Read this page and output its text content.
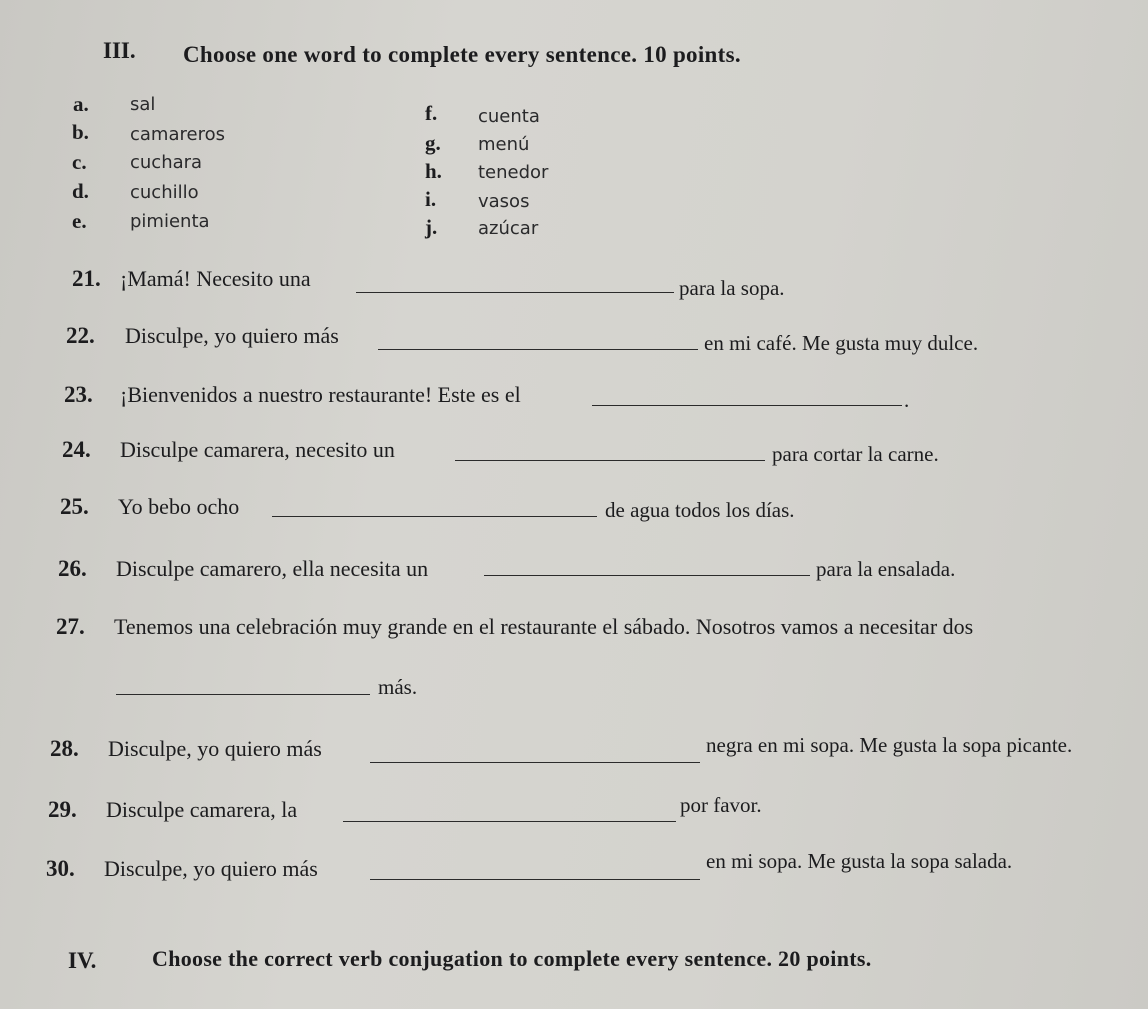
III. Choose one word to complete every sentence. 10 points.
a. sal
b. camareros
c. cuchara
d. cuchillo
e. pimienta
f. cuenta
g. menú
h. tenedor
i. vasos
j. azúcar
21. ¡Mamá! Necesito una	para la sopa.
22. Disculpe, yo quiero más	en mi café. Me gusta muy dulce.
23. ¡Bienvenidos a nuestro restaurante! Este es el	.
24. Disculpe camarera, necesito un	para cortar la carne.
25. Yo bebo ocho	de agua todos los días.
26. Disculpe camarero, ella necesita un	para la ensalada.
27. Tenemos una celebración muy grande en el restaurante el sábado. Nosotros vamos a necesitar dos
más.
28. Disculpe, yo quiero más	negra en mi sopa. Me gusta la sopa picante.
29. Disculpe camarera, la	por favor.
30. Disculpe, yo quiero más	en mi sopa. Me gusta la sopa salada.
IV.	Choose the correct verb conjugation to complete every sentence. 20 points.
